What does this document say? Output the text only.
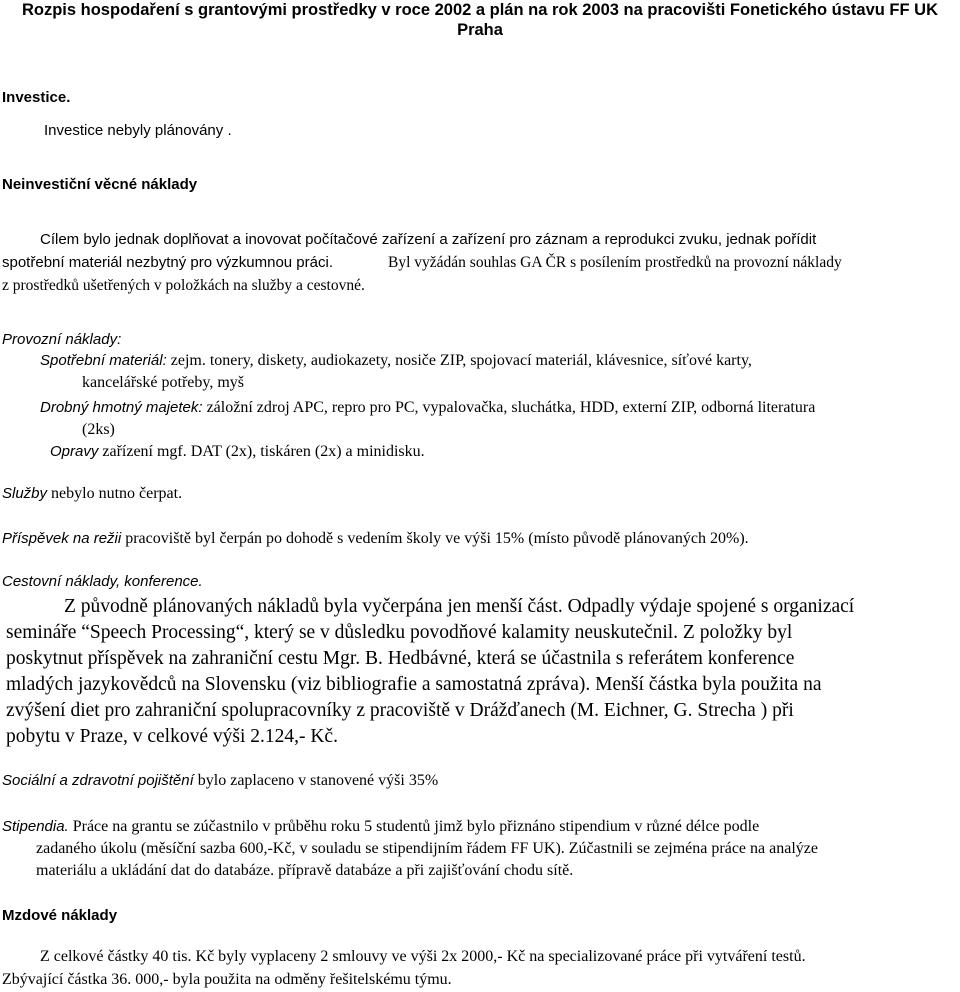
Rozpis hospodaření s grantovými prostředky v roce 2002 a plán na rok 2003 na pracovišti Fonetického ústavu FF UK
Praha
Investice.
Investice nebyly plánovány .
Neinvestiční věcné náklady
Cílem bylo jednak doplňovat a inovovat počítačové zařízení a zařízení pro záznam a reprodukci zvuku, jednak pořídit
spotřební materiál nezbytný pro výzkumnou práci.	Byl vyžádán souhlas GA ČR s posílením prostředků na provozní náklady
z prostředků ušetřených v položkách na služby a cestovné.
Provozní náklady:
Spotřební materiál: zejm. tonery, diskety, audiokazety, nosiče ZIP, spojovací materiál, klávesnice, síťové karty,
kancelářské potřeby, myš
Drobný hmotný majetek: záložní zdroj APC, repro pro PC, vypalovačka, sluchátka, HDD, externí ZIP, odborná literatura
(2ks)
Opravy zařízení mgf. DAT (2x), tiskáren (2x) a minidisku.
Služby nebylo nutno čerpat.
Příspěvek na režii pracoviště byl čerpán po dohodě s vedením školy ve výši 15% (místo původě plánovaných 20%).
Cestovní náklady, konference.
Z původně plánovaných nákladů byla vyčerpána jen menší část. Odpadly výdaje spojené s organizací
semináře “Speech Processing“, který se v důsledku povodňové kalamity neuskutečnil. Z položky byl
poskytnut příspěvek na zahraniční cestu Mgr. B. Hedbávné, která se účastnila s referátem konference
mladých jazykovědců na Slovensku (viz bibliografie a samostatná zpráva). Menší částka byla použita na
zvýšení diet pro zahraniční spolupracovníky z pracoviště v Drážďanech (M. Eichner, G. Strecha ) při
pobytu v Praze, v celkové výši 2.124,- Kč.
Sociální a zdravotní pojištění bylo zaplaceno v stanovené výši 35%
Stipendia. Práce na grantu se zúčastnilo v průběhu roku 5 studentů jimž bylo přiznáno stipendium v různé délce podle
zadaného úkolu (měsíční sazba 600,-Kč, v souladu se stipendijním řádem FF UK). Zúčastnili se zejména práce na analýze
materiálu a ukládání dat do databáze. přípravě databáze a při zajišťování chodu sítě.
Mzdové náklady
Z celkové částky 40 tis. Kč byly vyplaceny 2 smlouvy ve výši 2x 2000,- Kč na specializované práce při vytváření testů.
Zbývající částka 36. 000,- byla použita na odměny řešitelskému týmu.
